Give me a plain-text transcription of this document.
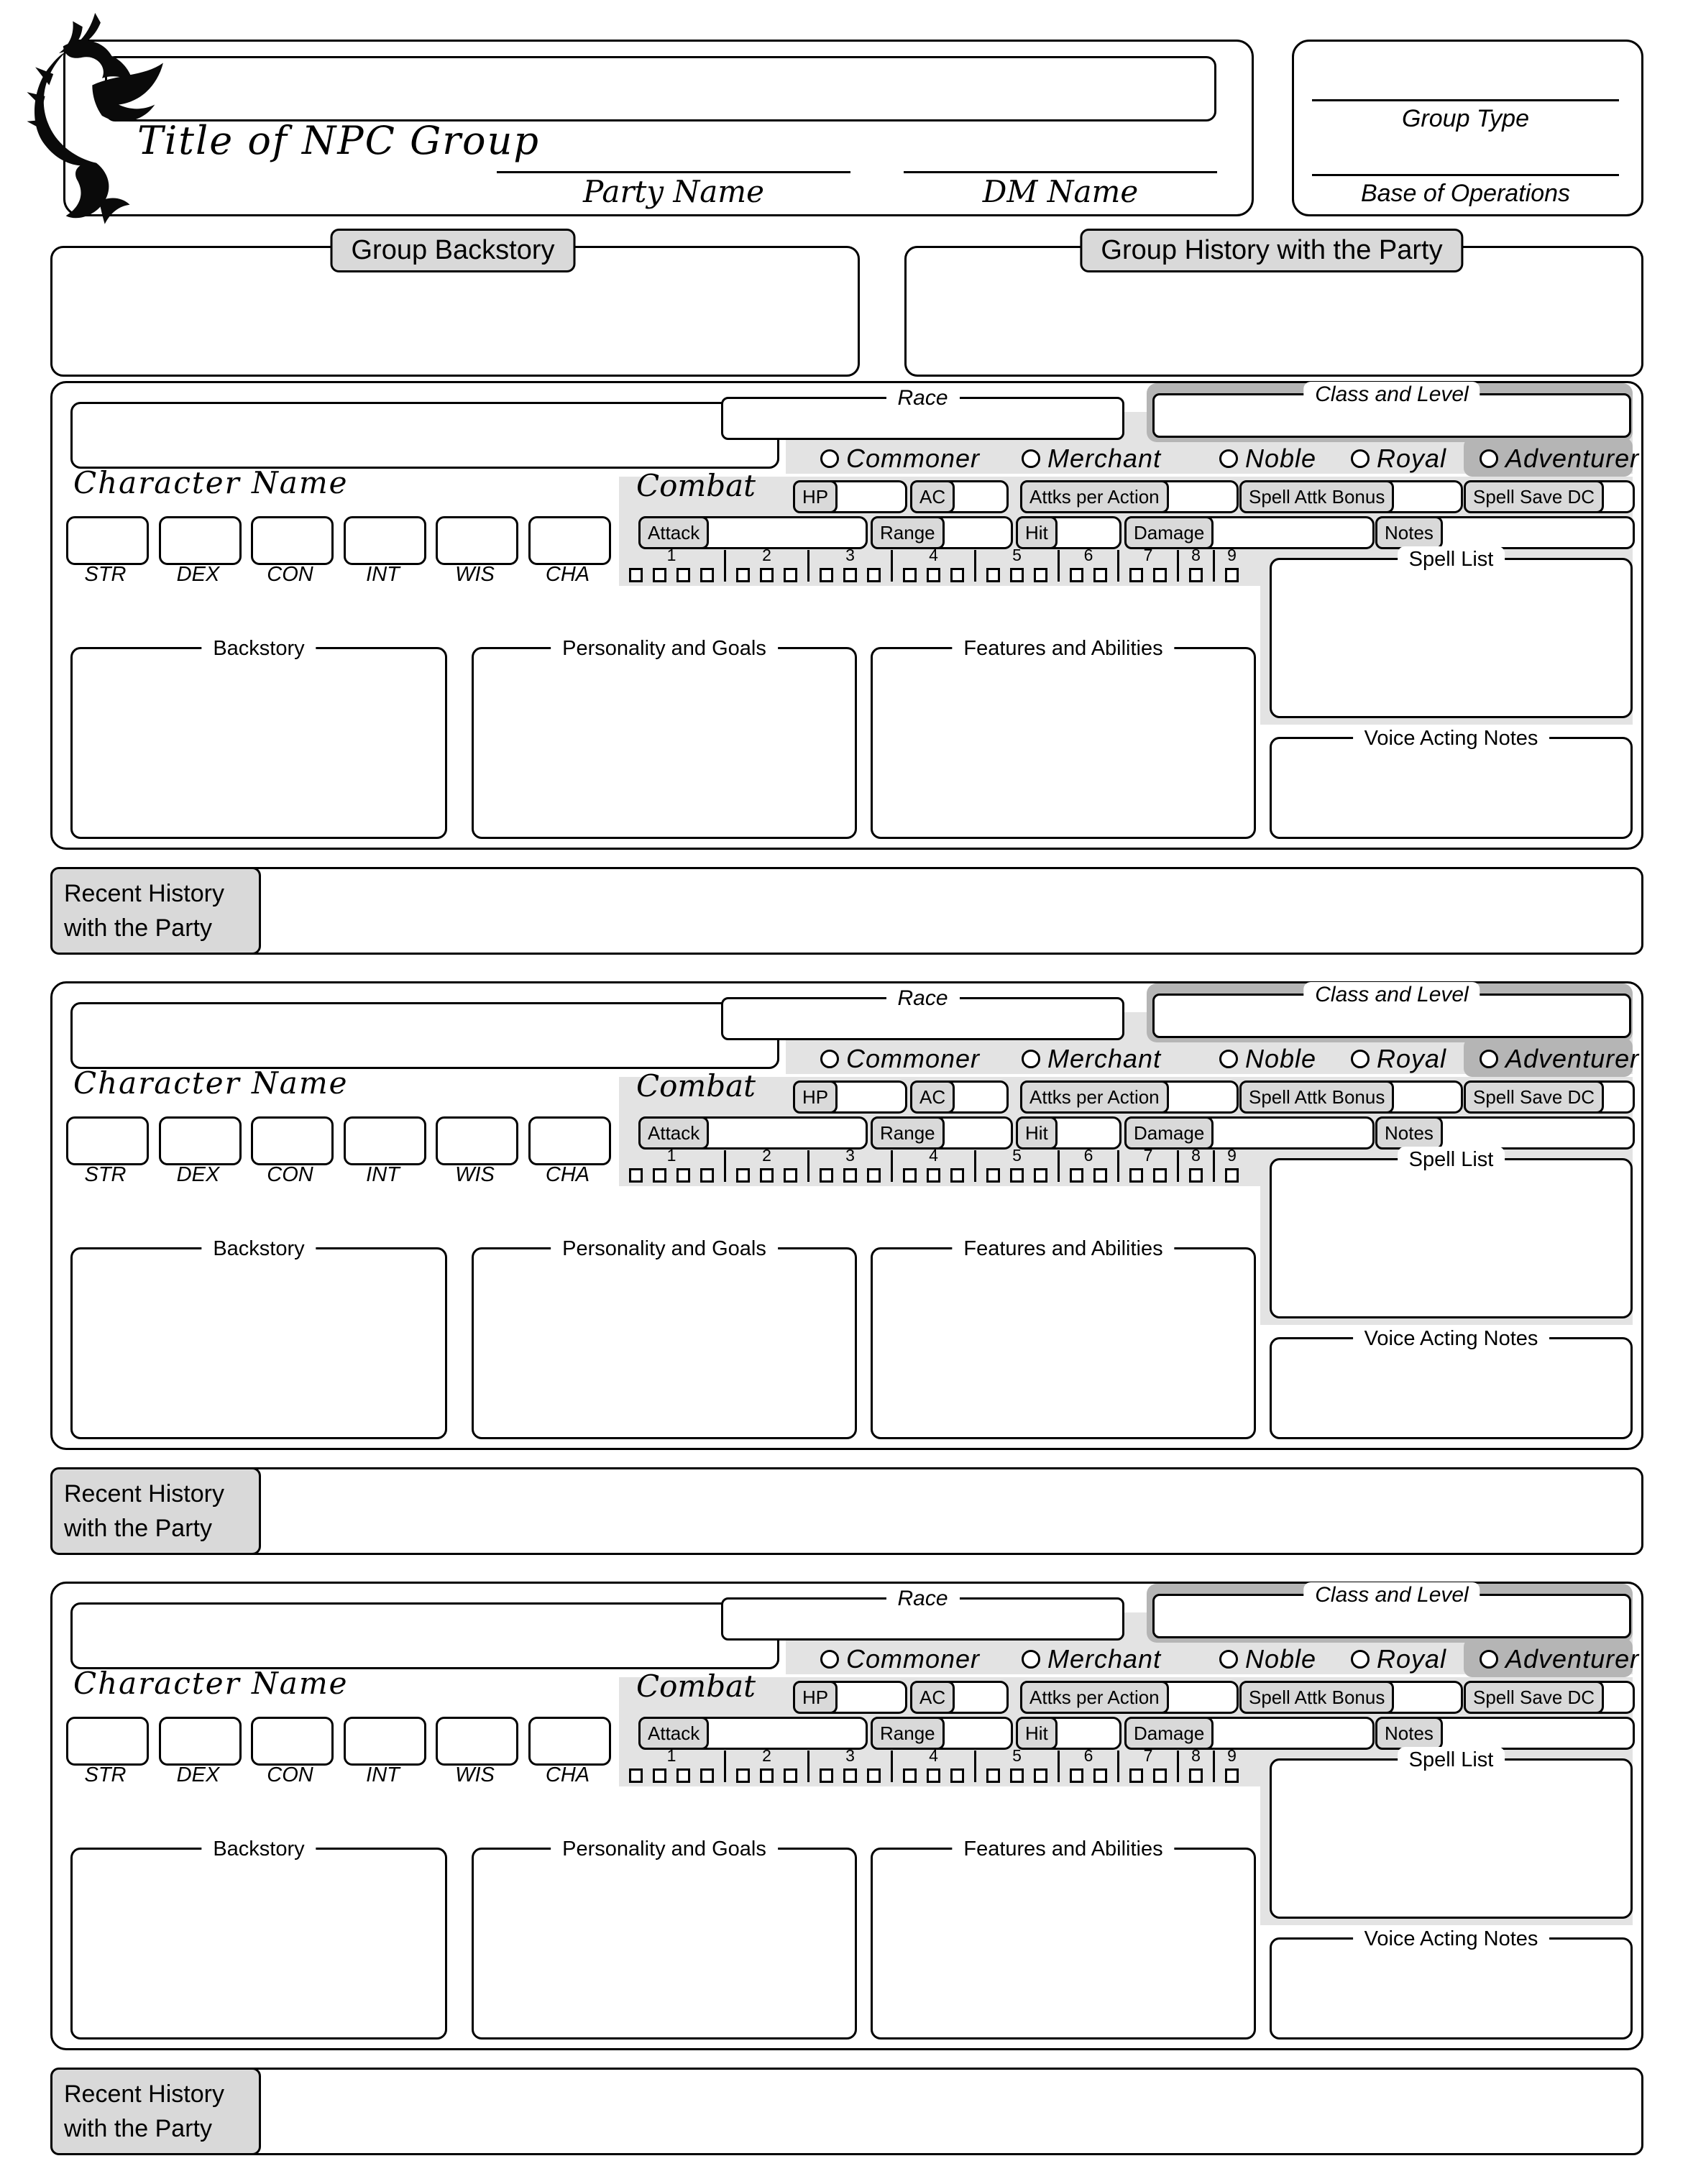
Title of NPC Group
Party Name	DM Name
Group Type
Base of Operations
Group Backstory	Group History with the Party
Character Name
Race	Class and Level
Commoner	Merchant	Noble Royal Adventurer
Combat	HP	AC	Attks per Action	Spell Attk Bonus	Spell Save DC
Attack	Range	Hit	Damage	Notes
1	2	3	4	5	6	7 8 9
STR	DEX	CON	INT	WIS	CHA
Backstory	Personality and Goals	Features and Abilities
Spell List
Voice Acting Notes
Recent History
with the Party
Character Name
Race	Class and Level
Commoner	Merchant	Noble Royal Adventurer
Combat	HP	AC	Attks per Action	Spell Attk Bonus	Spell Save DC
Attack	Range	Hit	Damage	Notes
1	2	3	4	5	6	7 8 9
STR	DEX	CON	INT	WIS	CHA
Backstory	Personality and Goals	Features and Abilities
Spell List
Voice Acting Notes
Recent History
with the Party
Character Name
Race	Class and Level
Commoner	Merchant	Noble Royal Adventurer
Combat	HP	AC	Attks per Action	Spell Attk Bonus	Spell Save DC
Attack	Range	Hit	Damage	Notes
1	2	3	4	5	6	7 8 9
STR	DEX	CON	INT	WIS	CHA
Backstory	Personality and Goals	Features and Abilities
Spell List
Voice Acting Notes
Recent History
with the Party
